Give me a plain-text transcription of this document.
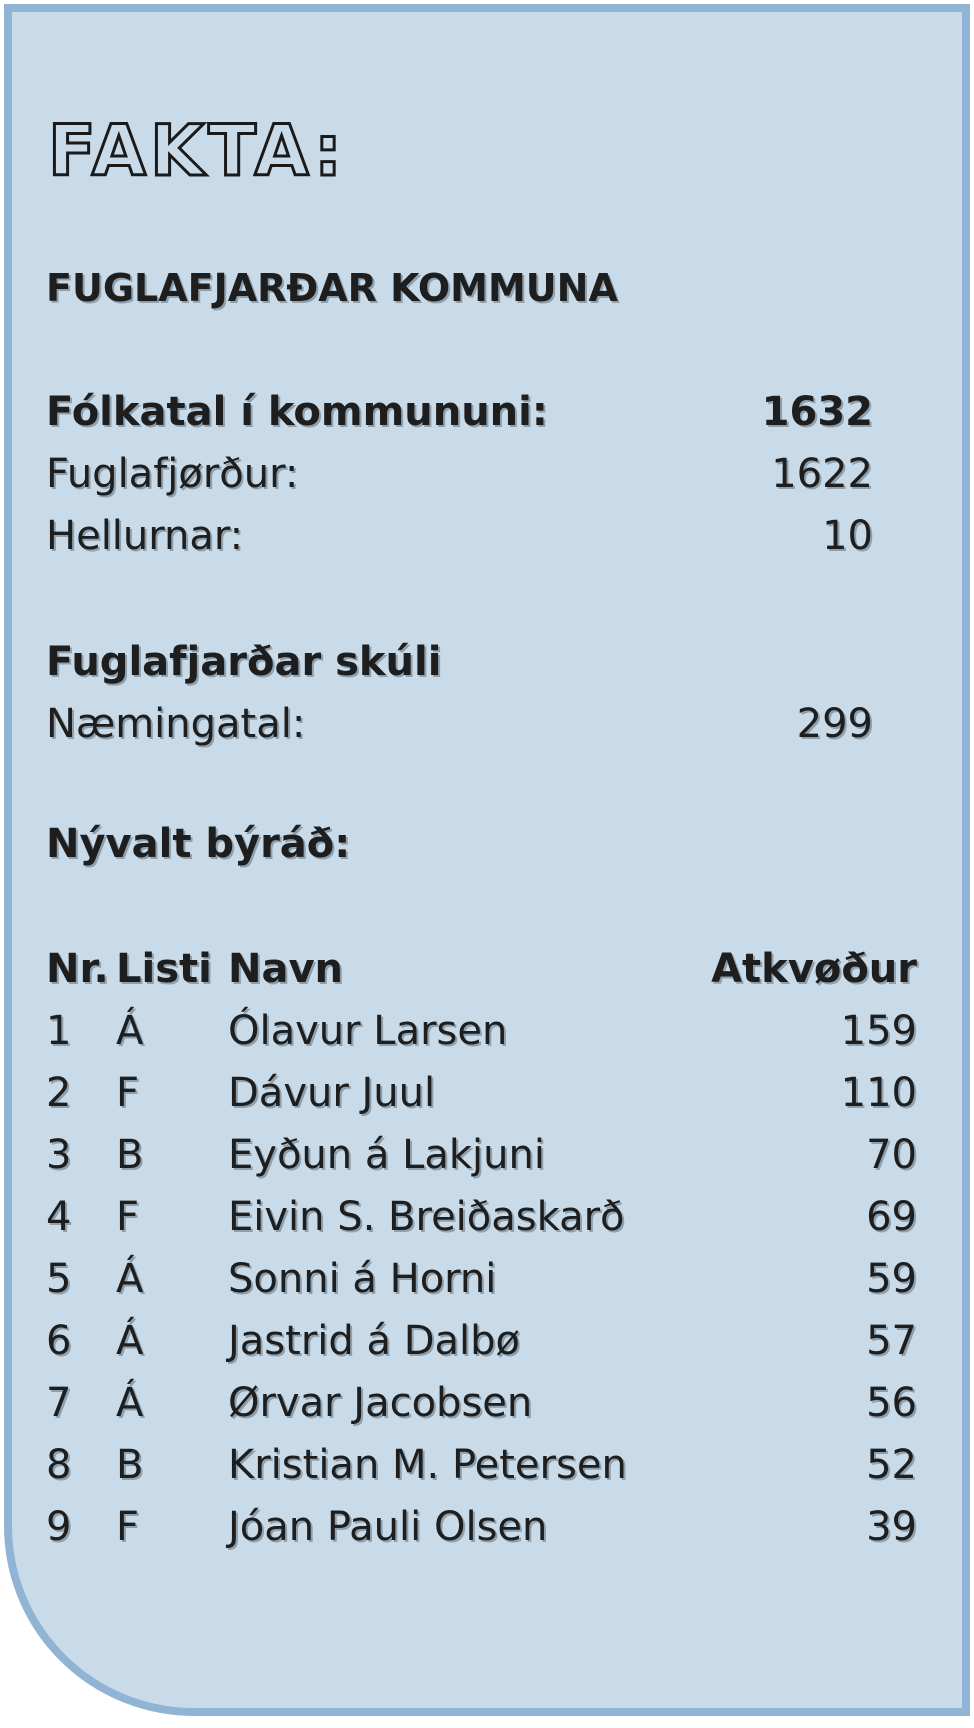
FAKTA:
FUGLAFJARÐAR KOMMUNA
Fólkatal í kommununi:	1632
Fuglafjørður:	1622
Hellurnar:	10
Fuglafjarðar skúli
Næmingatal:	299
Nývalt býráð:
Nr. Listi Navn	Atkvøður
1 Á Ólavur Larsen	159
2 F Dávur Juul	110
3 B Eyðun á Lakjuni	70
4 F Eivin S. Breiðaskarð	69
5 Á Sonni á Horni	59
6 Á Jastrid á Dalbø	57
7 Á Ørvar Jacobsen	56
8 B Kristian M. Petersen	52
9 F Jóan Pauli Olsen	39
